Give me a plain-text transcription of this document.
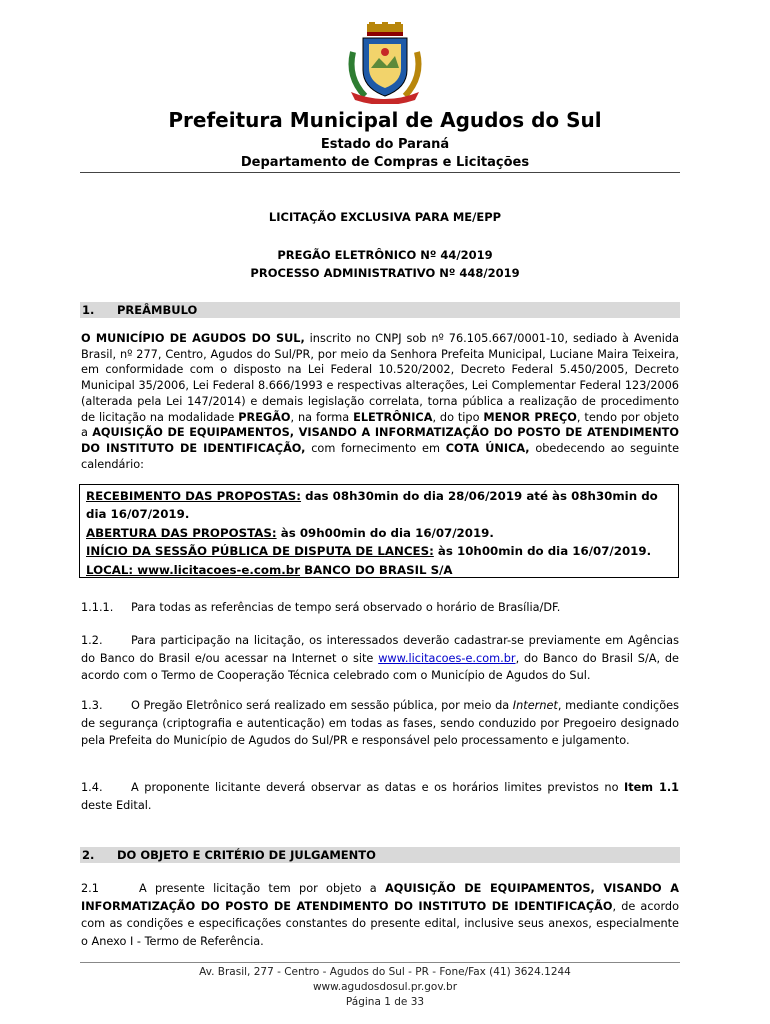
Prefeitura Municipal de Agudos do Sul
Estado do Paraná
Departamento de Compras e Licitações
LICITAÇÃO EXCLUSIVA PARA ME/EPP
PREGÃO ELETRÔNICO Nº 44/2019
PROCESSO ADMINISTRATIVO Nº 448/2019
1. PREÂMBULO
O MUNICÍPIO DE AGUDOS DO SUL, inscrito no CNPJ sob nº 76.105.667/0001-10, sediado à Avenida Brasil, nº 277, Centro, Agudos do Sul/PR, por meio da Senhora Prefeita Municipal, Luciane Maira Teixeira, em conformidade com o disposto na Lei Federal 10.520/2002, Decreto Federal 5.450/2005, Decreto Municipal 35/2006, Lei Federal 8.666/1993 e respectivas alterações, Lei Complementar Federal 123/2006 (alterada pela Lei 147/2014) e demais legislação correlata, torna pública a realização de procedimento de licitação na modalidade PREGÃO, na forma ELETRÔNICA, do tipo MENOR PREÇO, tendo por objeto a AQUISIÇÃO DE EQUIPAMENTOS, VISANDO A INFORMATIZAÇÃO DO POSTO DE ATENDIMENTO DO INSTITUTO DE IDENTIFICAÇÃO, com fornecimento em COTA ÚNICA, obedecendo ao seguinte calendário:
RECEBIMENTO DAS PROPOSTAS: das 08h30min do dia 28/06/2019 até às 08h30min do dia 16/07/2019.
ABERTURA DAS PROPOSTAS: às 09h00min do dia 16/07/2019.
INÍCIO DA SESSÃO PÚBLICA DE DISPUTA DE LANCES: às 10h00min do dia 16/07/2019.
LOCAL: www.licitacoes-e.com.br BANCO DO BRASIL S/A
1.1.1. Para todas as referências de tempo será observado o horário de Brasília/DF.
1.2.	Para participação na licitação, os interessados deverão cadastrar-se previamente em Agências do Banco do Brasil e/ou acessar na Internet o site www.licitacoes-e.com.br, do Banco do Brasil S/A, de acordo com o Termo de Cooperação Técnica celebrado com o Município de Agudos do Sul.
1.3.	O Pregão Eletrônico será realizado em sessão pública, por meio da Internet, mediante condições de segurança (criptografia e autenticação) em todas as fases, sendo conduzido por Pregoeiro designado pela Prefeita do Município de Agudos do Sul/PR e responsável pelo processamento e julgamento.
1.4.	A proponente licitante deverá observar as datas e os horários limites previstos no Item 1.1 deste Edital.
2. DO OBJETO E CRITÉRIO DE JULGAMENTO
2.1	A presente licitação tem por objeto a AQUISIÇÃO DE EQUIPAMENTOS, VISANDO A INFORMATIZAÇÃO DO POSTO DE ATENDIMENTO DO INSTITUTO DE IDENTIFICAÇÃO, de acordo com as condições e especificações constantes do presente edital, inclusive seus anexos, especialmente o Anexo I - Termo de Referência.
Av. Brasil, 277 - Centro - Agudos do Sul - PR - Fone/Fax (41) 3624.1244
www.agudosdosul.pr.gov.br
Página 1 de 33
